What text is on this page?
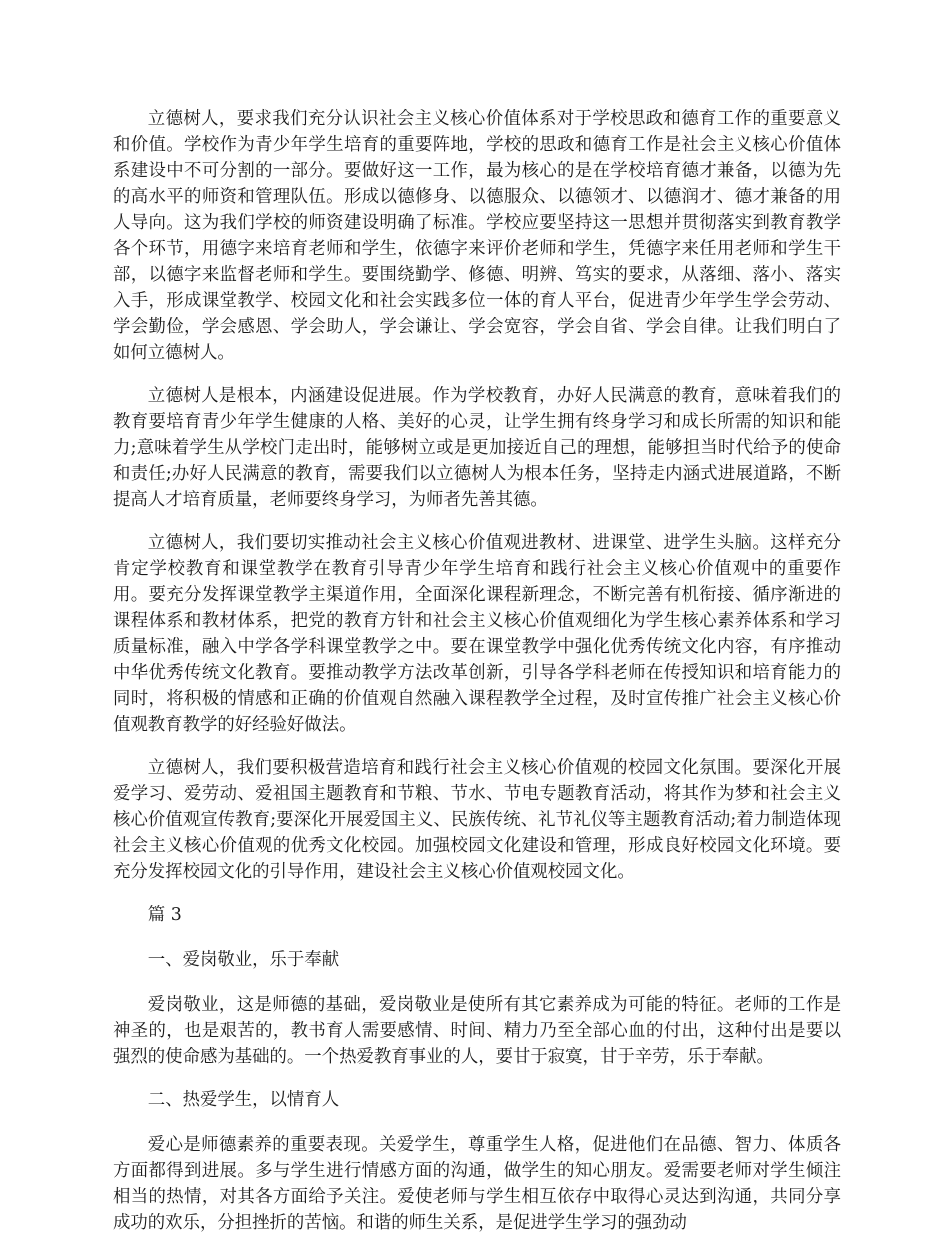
立德树人，要求我们充分认识社会主义核心价值体系对于学校思政和德育工作的重要意义和价值。学校作为青少年学生培育的重要阵地，学校的思政和德育工作是社会主义核心价值体系建设中不可分割的一部分。要做好这一工作，最为核心的是在学校培育德才兼备，以德为先的高水平的师资和管理队伍。形成以德修身、以德服众、以德领才、以德润才、德才兼备的用人导向。这为我们学校的师资建设明确了标准。学校应要坚持这一思想并贯彻落实到教育教学各个环节，用德字来培育老师和学生，依德字来评价老师和学生，凭德字来任用老师和学生干部，以德字来监督老师和学生。要围绕勤学、修德、明辨、笃实的要求，从落细、落小、落实入手，形成课堂教学、校园文化和社会实践多位一体的育人平台，促进青少年学生学会劳动、学会勤俭，学会感恩、学会助人，学会谦让、学会宽容，学会自省、学会自律。让我们明白了如何立德树人。

立德树人是根本，内涵建设促进展。作为学校教育，办好人民满意的教育，意味着我们的教育要培育青少年学生健康的人格、美好的心灵，让学生拥有终身学习和成长所需的知识和能力;意味着学生从学校门走出时，能够树立或是更加接近自己的理想，能够担当时代给予的使命和责任;办好人民满意的教育，需要我们以立德树人为根本任务，坚持走内涵式进展道路，不断提高人才培育质量，老师要终身学习，为师者先善其德。

立德树人，我们要切实推动社会主义核心价值观进教材、进课堂、进学生头脑。这样充分肯定学校教育和课堂教学在教育引导青少年学生培育和践行社会主义核心价值观中的重要作用。要充分发挥课堂教学主渠道作用，全面深化课程新理念，不断完善有机衔接、循序渐进的课程体系和教材体系，把党的教育方针和社会主义核心价值观细化为学生核心素养体系和学习质量标准，融入中学各学科课堂教学之中。要在课堂教学中强化优秀传统文化内容，有序推动中华优秀传统文化教育。要推动教学方法改革创新，引导各学科老师在传授知识和培育能力的同时，将积极的情感和正确的价值观自然融入课程教学全过程，及时宣传推广社会主义核心价值观教育教学的好经验好做法。

立德树人，我们要积极营造培育和践行社会主义核心价值观的校园文化氛围。要深化开展爱学习、爱劳动、爱祖国主题教育和节粮、节水、节电专题教育活动，将其作为梦和社会主义核心价值观宣传教育;要深化开展爱国主义、民族传统、礼节礼仪等主题教育活动;着力制造体现社会主义核心价值观的优秀文化校园。加强校园文化建设和管理，形成良好校园文化环境。要充分发挥校园文化的引导作用，建设社会主义核心价值观校园文化。

篇 3

一、爱岗敬业，乐于奉献

爱岗敬业，这是师德的基础，爱岗敬业是使所有其它素养成为可能的特征。老师的工作是神圣的，也是艰苦的，教书育人需要感情、时间、精力乃至全部心血的付出，这种付出是要以强烈的使命感为基础的。一个热爱教育事业的人，要甘于寂寞，甘于辛劳，乐于奉献。

二、热爱学生，以情育人

爱心是师德素养的重要表现。关爱学生，尊重学生人格，促进他们在品德、智力、体质各方面都得到进展。多与学生进行情感方面的沟通，做学生的知心朋友。爱需要老师对学生倾注相当的热情，对其各方面给予关注。爱使老师与学生相互依存中取得心灵达到沟通，共同分享成功的欢乐，分担挫折的苦恼。和谐的师生关系，是促进学生学习的强劲动
